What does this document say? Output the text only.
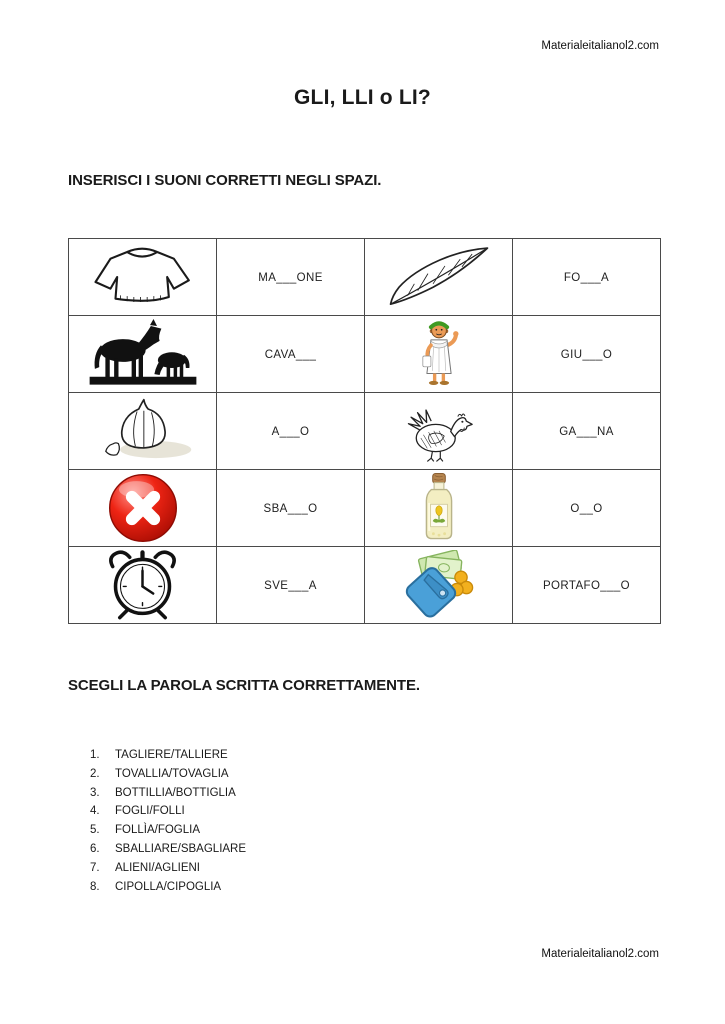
Materialeitalianol2.com
GLI, LLI o LI?
INSERISCI I SUONI CORRETTI NEGLI SPAZI.
	MA___ONE		FO___A

	CAVA___		GIU___O

	A___O		GA___NA

	SBA___O		O__O

	SVE___A		PORTAFO___O
SCEGLI LA PAROLA SCRITTA CORRETTAMENTE.
1.	TAGLIERE/TALLIERE
2.	TOVALLIA/TOVAGLIA
3.	BOTTILLIA/BOTTIGLIA
4.	FOGLI/FOLLI
5.	FOLLÌA/FOGLIA
6.	SBALLIARE/SBAGLIARE
7.	ALIENI/AGLIENI
8.	CIPOLLA/CIPOGLIA
Materialeitalianol2.com
